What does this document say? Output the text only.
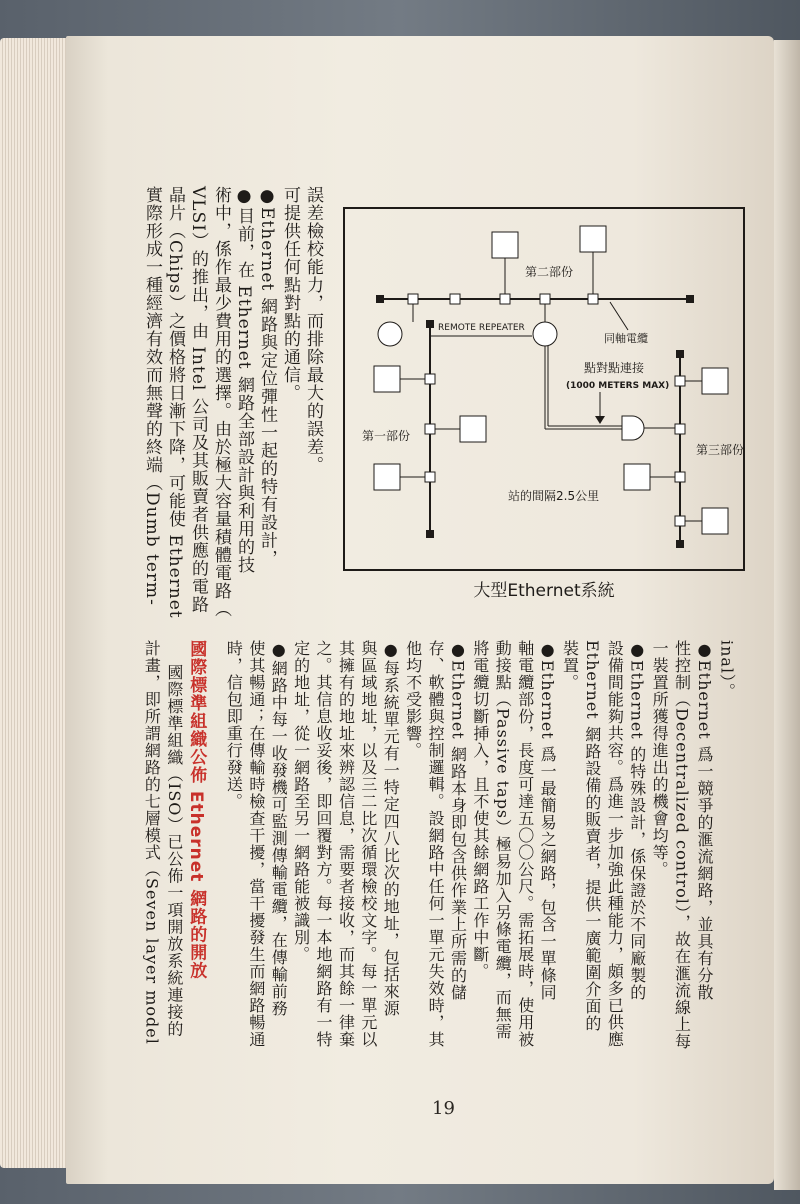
誤差檢校能力，而排除最大的誤差。

可提供任何點對點的通信。

●Ethernet 網路與定位彈性一起的特有設計，

●目前，在 Ethernet 網路全部設計與利用的技

術中，係作最少費用的選擇。由於極大容量積體電路（

VLSI）的推出，由 Intel 公司及其販賣者供應的電路

晶片（Chips）之價格將日漸下降，可能使 Ethernet

實際形成一種經濟有效而無聲的終端（Dumb term-	第二部份
同軸電纜
REMOTE REPEATER
第一部份
點對點連接
(1000 METERS MAX)
第三部份
站的間隔2.5公里
大型Ethernet系統

inal）。

●Ethernet 爲一競爭的滙流網路，並具有分散

性控制（Decentralized control），故在滙流線上每

一裝置所獲得進出的機會均等。

●Ethernet 的特殊設計，係保證於不同廠製的

設備間能夠共容。爲進一步加強此種能力，頗多已供應

Ethernet 網路設備的販賣者，提供一廣範圍介面的

裝置。

●Ethernet 爲一最簡易之網路，包含一單條同

軸電纜部份，長度可達五〇〇公尺。需拓展時，使用被

動接點（Passive taps）極易加入另條電纜，而無需

將電纜切斷挿入，且不使其餘網路工作中斷。

●Ethernet 網路本身即包含供作業上所需的儲

存、軟體與控制邏輯。設網路中任何一單元失效時，其

他均不受影響。

●每系統單元有一特定四八比次的地址，包括來源

與區域地址，以及三二比次循環檢校文字。每一單元以

其擁有的地址來辨認信息，需要者接收，而其餘一律棄

之。其信息收妥後，即回覆對方。每一本地網路有一特

定的地址，從一網路至另一網路能被識別。

●網路中每一收發機可監測傳輸電纜，在傳輸前務

使其暢通；在傳輸時檢查干擾，當干擾發生而網路暢通

時，信包即重行發送。

國際標準組織公佈 Ethernet 網路的開放

國際標準組織（ISO）已公佈一項開放系統連接的

計畫，即所謂網路的七層模式（Seven layer model

19
